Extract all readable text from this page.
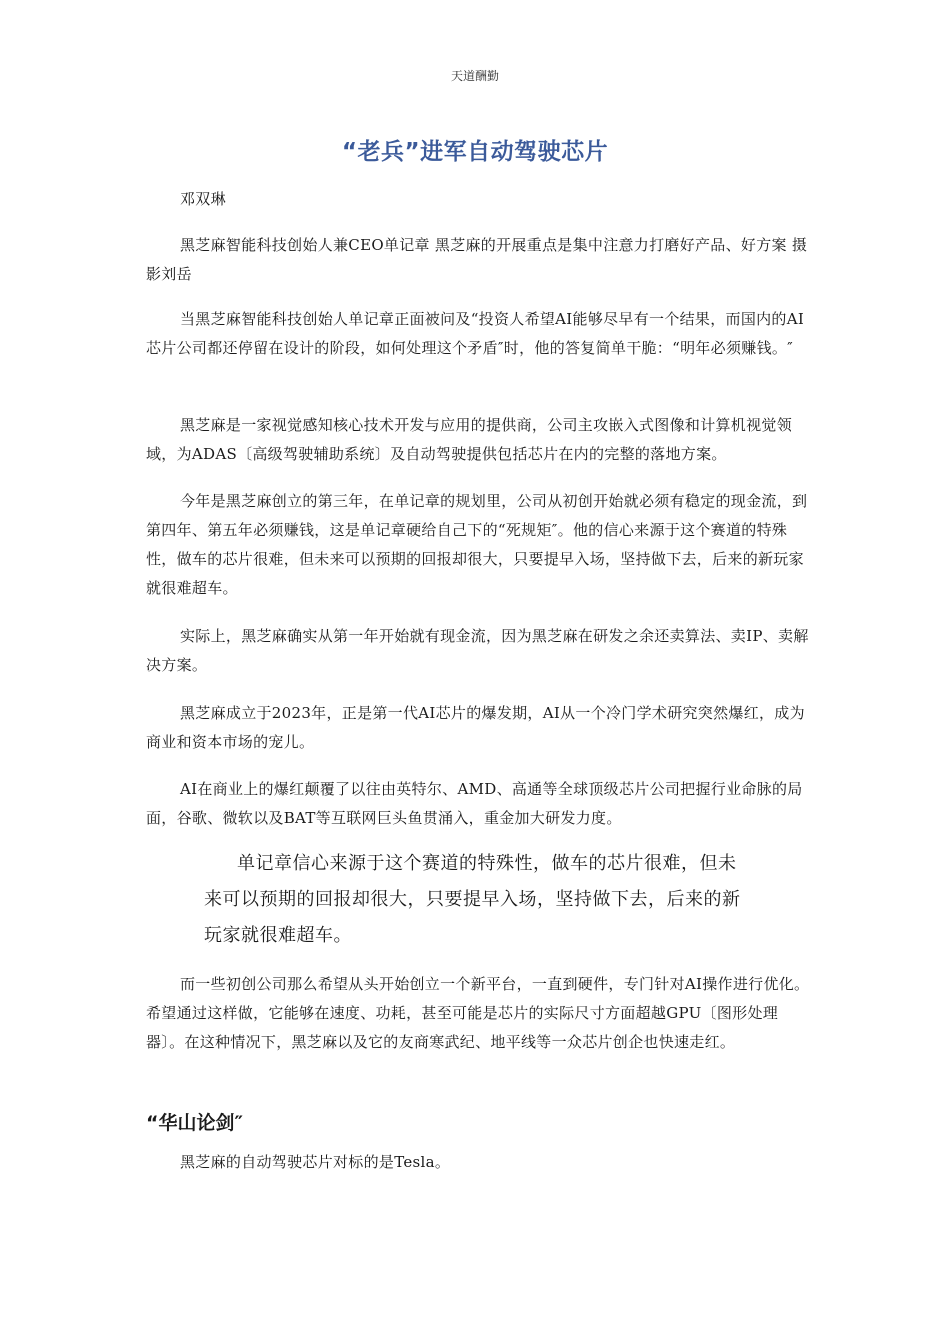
天道酬勤
“老兵”进军自动驾驶芯片

邓双琳

黑芝麻智能科技创始人兼CEO单记章 黑芝麻的开展重点是集中注意力打磨好产品、好方案 摄影刘岳

当黑芝麻智能科技创始人单记章正面被问及“投资人希望AI能够尽早有一个结果，而国内的AI芯片公司都还停留在设计的阶段，如何处理这个矛盾″时，他的答复简单干脆：“明年必须赚钱。″

黑芝麻是一家视觉感知核心技术开发与应用的提供商，公司主攻嵌入式图像和计算机视觉领域，为ADAS〔高级驾驶辅助系统〕及自动驾驶提供包括芯片在内的完整的落地方案。

今年是黑芝麻创立的第三年，在单记章的规划里，公司从初创开始就必须有稳定的现金流，到第四年、第五年必须赚钱，这是单记章硬给自己下的“死规矩″。他的信心来源于这个赛道的特殊性，做车的芯片很难，但未来可以预期的回报却很大，只要提早入场，坚持做下去，后来的新玩家就很难超车。

实际上，黑芝麻确实从第一年开始就有现金流，因为黑芝麻在研发之余还卖算法、卖IP、卖解决方案。

黑芝麻成立于2023年，正是第一代AI芯片的爆发期，AI从一个冷门学术研究突然爆红，成为商业和资本市场的宠儿。

AI在商业上的爆红颠覆了以往由英特尔、AMD、高通等全球顶级芯片公司把握行业命脉的局面，谷歌、微软以及BAT等互联网巨头鱼贯涌入，重金加大研发力度。

单记章信心来源于这个赛道的特殊性，做车的芯片很难，但未来可以预期的回报却很大，只要提早入场，坚持做下去，后来的新玩家就很难超车。

而一些初创公司那么希望从头开始创立一个新平台，一直到硬件，专门针对AI操作进行优化。希望通过这样做，它能够在速度、功耗，甚至可能是芯片的实际尺寸方面超越GPU〔图形处理器〕。在这种情况下，黑芝麻以及它的友商寒武纪、地平线等一众芯片创企也快速走红。

“华山论剑″

黑芝麻的自动驾驶芯片对标的是Tesla。
